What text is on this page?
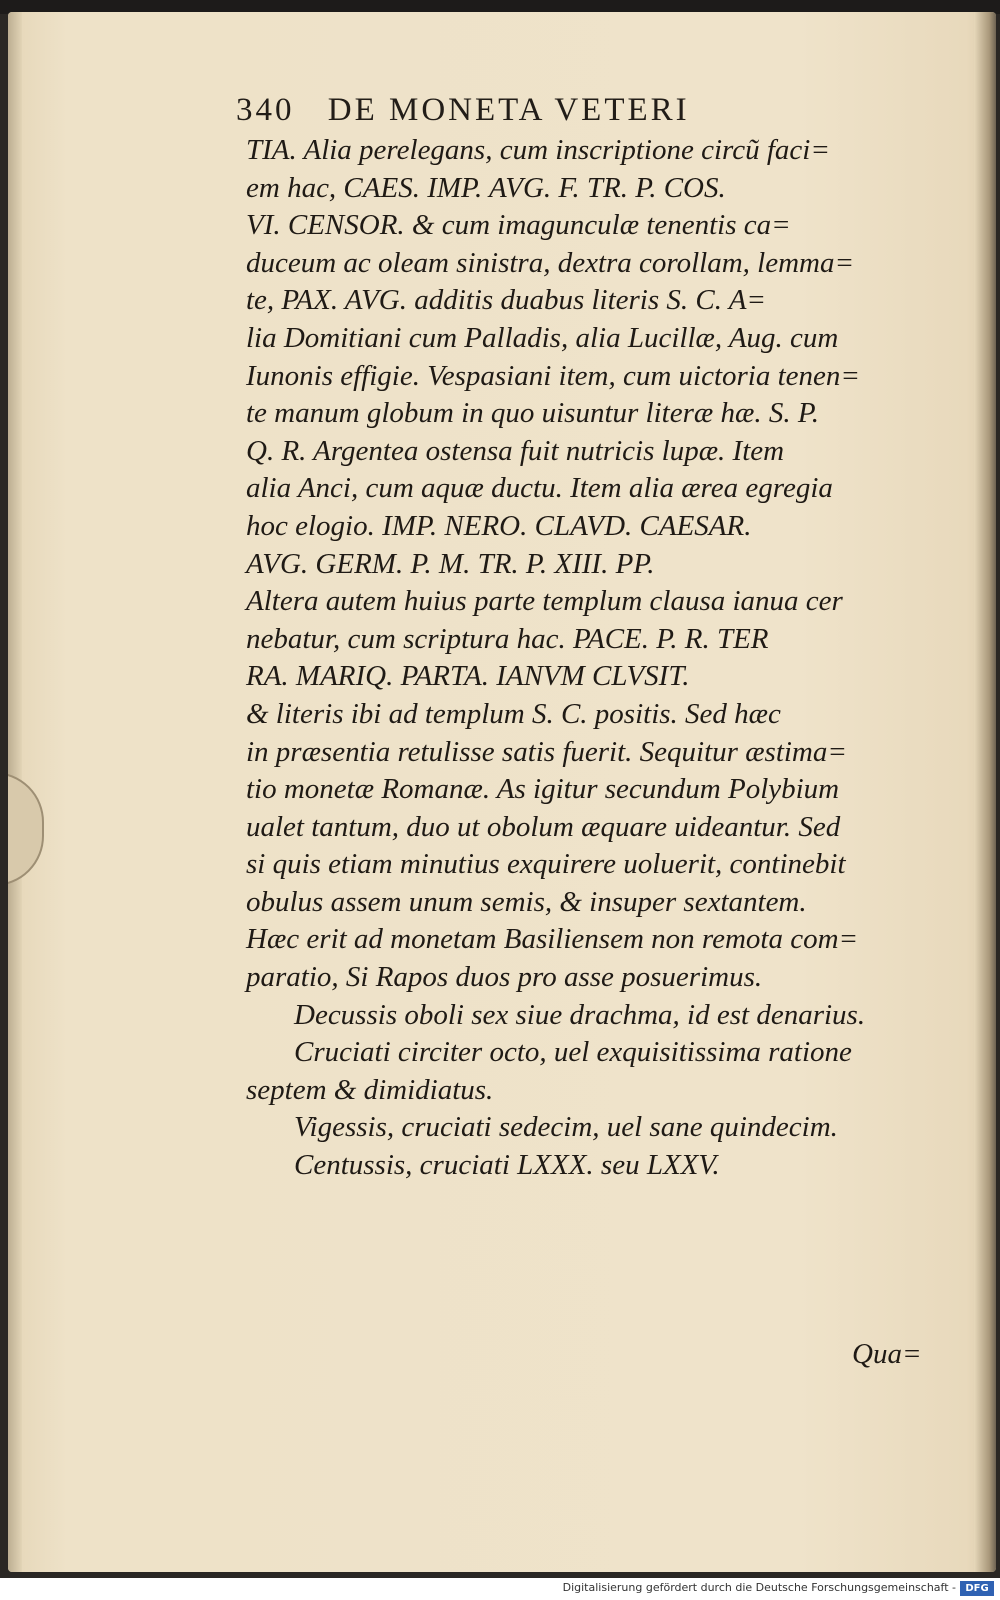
340 DE MONETA VETERI
TIA. Alia perelegans, cum inscriptione circũ faci=
em hac, CAES. IMP. AVG. F. TR. P. COS.
VI. CENSOR. & cum imagunculæ tenentis ca=
duceum ac oleam sinistra, dextra corollam, lemma=
te, PAX. AVG. additis duabus literis S. C. A=
lia Domitiani cum Palladis, alia Lucillæ, Aug. cum
Iunonis effigie. Vespasiani item, cum uictoria tenen=
te manum globum in quo uisuntur literæ hæ. S. P.
Q. R. Argentea ostensa fuit nutricis lupæ. Item
alia Anci, cum aquæ ductu. Item alia ærea egregia
hoc elogio. IMP. NERO. CLAVD. CAESAR.
AVG. GERM. P. M. TR. P. XIII. PP.
Altera autem huius parte templum clausa ianua cer
nebatur, cum scriptura hac. PACE. P. R. TER
RA. MARIQ. PARTA. IANVM CLVSIT.
& literis ibi ad templum S. C. positis. Sed hæc
in præsentia retulisse satis fuerit. Sequitur æstima=
tio monetæ Romanæ. As igitur secundum Polybium
ualet tantum, duo ut obolum æquare uideantur. Sed
si quis etiam minutius exquirere uoluerit, continebit
obulus assem unum semis, & insuper sextantem.
Hæc erit ad monetam Basiliensem non remota com=
paratio, Si Rapos duos pro asse posuerimus.
Decussis oboli sex siue drachma, id est denarius.
Cruciati circiter octo, uel exquisitissima ratione
septem & dimidiatus.
Vigessis, cruciati sedecim, uel sane quindecim.
Centussis, cruciati LXXX. seu LXXV.
Qua=
Digitalisierung gefördert durch die Deutsche Forschungsgemeinschaft - DFG
